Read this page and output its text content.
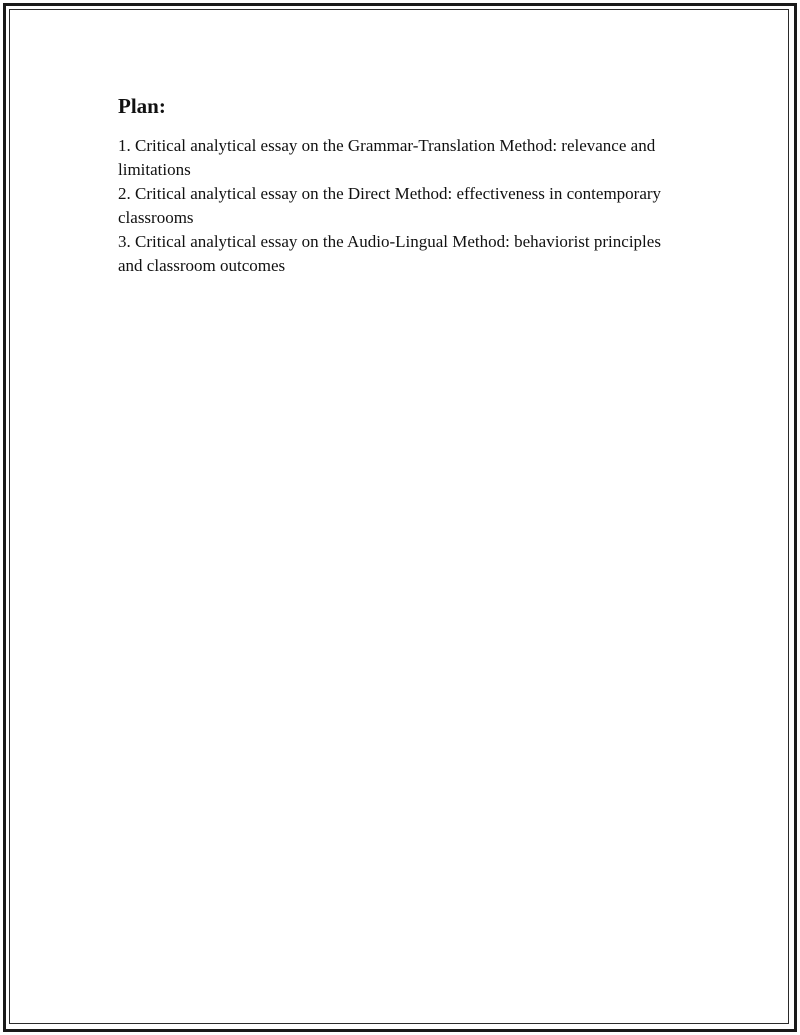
Plan:
1. Critical analytical essay on the Grammar-Translation Method: relevance and limitations
2. Critical analytical essay on the Direct Method: effectiveness in contemporary classrooms
3. Critical analytical essay on the Audio-Lingual Method: behaviorist principles and classroom outcomes
